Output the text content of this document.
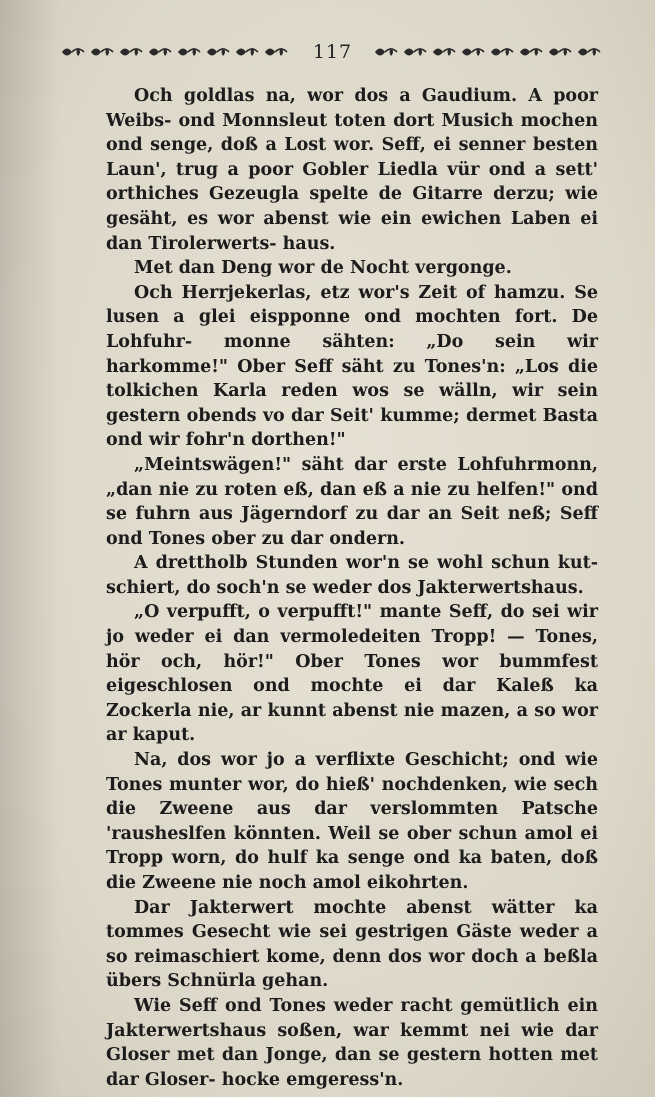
117

Och goldlas na, wor dos a Gaudium. A poor Weibs- ond Monnsleut toten dort Musich mochen ond senge, doß a Lost wor. Seff, ei senner besten Laun', trug a poor Gobler Liedla vür ond a sett' orthiches Gezeugla spelte de Gitarre derzu; wie gesäht, es wor abenst wie ein ewichen Laben ei dan Tirolerwerts- haus.

Met dan Deng wor de Nocht vergonge.

Och Herrjekerlas, etz wor's Zeit of hamzu. Se lusen a glei eispponne ond mochten fort. De Lohfuhr- monne sähten: „Do sein wir harkomme!" Ober Seff säht zu Tones'n: „Los die tolkichen Karla reden wos se wälln, wir sein gestern obends vo dar Seit' kumme; dermet Basta ond wir fohr'n dorthen!"

„Meintswägen!" säht dar erste Lohfuhrmonn, „dan nie zu roten eß, dan eß a nie zu helfen!" ond se fuhrn aus Jägerndorf zu dar an Seit neß; Seff ond Tones ober zu dar ondern.

A drettholb Stunden wor'n se wohl schun kut- schiert, do soch'n se weder dos Jakterwertshaus.

„O verpufft, o verpufft!" mante Seff, do sei wir jo weder ei dan vermoledeiten Tropp! — Tones, hör och, hör!" Ober Tones wor bummfest eigeschlosen ond mochte ei dar Kaleß ka Zockerla nie, ar kunnt abenst nie mazen, a so wor ar kaput.

Na, dos wor jo a verflixte Geschicht; ond wie Tones munter wor, do hieß' nochdenken, wie sech die Zweene aus dar verslommten Patsche 'rausheslfen könnten. Weil se ober schun amol ei Tropp worn, do hulf ka senge ond ka baten, doß die Zweene nie noch amol eikohrten.

Dar Jakterwert mochte abenst wätter ka tommes Gesecht wie sei gestrigen Gäste weder a so reimaschiert kome, denn dos wor doch a beßla übers Schnürla gehan.

Wie Seff ond Tones weder racht gemütlich ein Jakterwertshaus soßen, war kemmt nei wie dar Gloser met dan Jonge, dan se gestern hotten met dar Gloser- hocke emgeress'n.
